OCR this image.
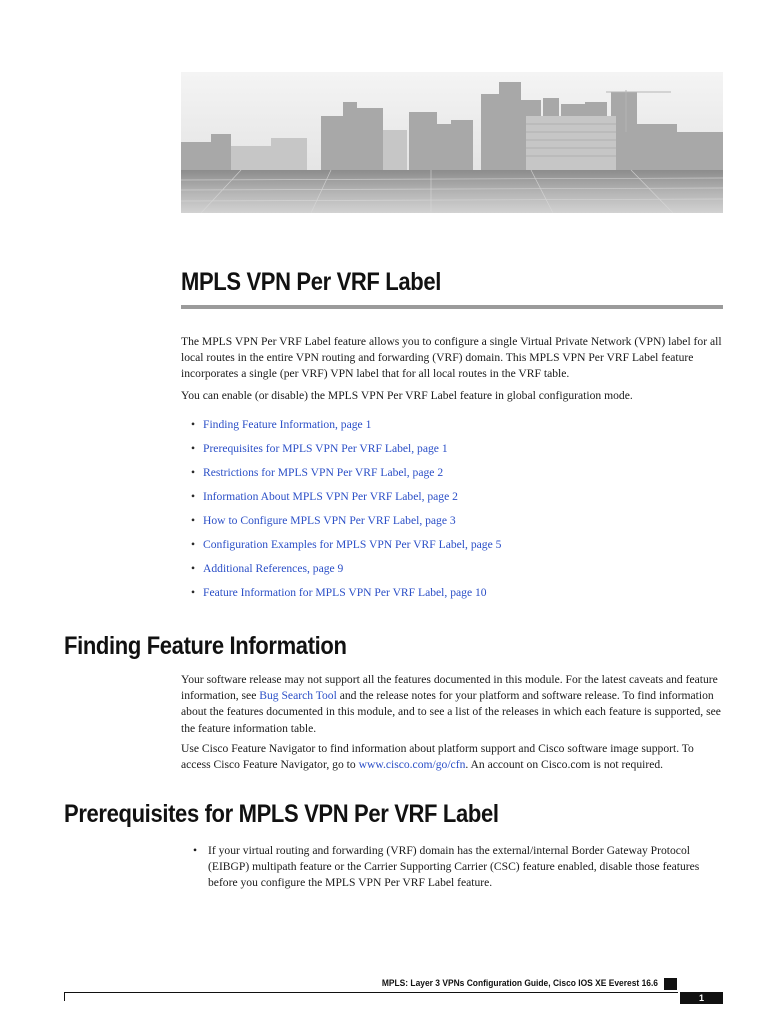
MPLS VPN Per VRF Label

The MPLS VPN Per VRF Label feature allows you to configure a single Virtual Private Network (VPN) label for all local routes in the entire VPN routing and forwarding (VRF) domain. This MPLS VPN Per VRF Label feature incorporates a single (per VRF) VPN label that for all local routes in the VRF table.

You can enable (or disable) the MPLS VPN Per VRF Label feature in global configuration mode.

• Finding Feature Information, page 1
• Prerequisites for MPLS VPN Per VRF Label, page 1
• Restrictions for MPLS VPN Per VRF Label, page 2
• Information About MPLS VPN Per VRF Label, page 2
• How to Configure MPLS VPN Per VRF Label, page 3
• Configuration Examples for MPLS VPN Per VRF Label, page 5
• Additional References, page 9
• Feature Information for MPLS VPN Per VRF Label, page 10
Finding Feature Information

Your software release may not support all the features documented in this module. For the latest caveats and feature information, see Bug Search Tool and the release notes for your platform and software release. To find information about the features documented in this module, and to see a list of the releases in which each feature is supported, see the feature information table.

Use Cisco Feature Navigator to find information about platform support and Cisco software image support. To access Cisco Feature Navigator, go to www.cisco.com/go/cfn. An account on Cisco.com is not required.

Prerequisites for MPLS VPN Per VRF Label

• If your virtual routing and forwarding (VRF) domain has the external/internal Border Gateway Protocol (EIBGP) multipath feature or the Carrier Supporting Carrier (CSC) feature enabled, disable those features before you configure the MPLS VPN Per VRF Label feature.

MPLS: Layer 3 VPNs Configuration Guide, Cisco IOS XE Everest 16.6
1
